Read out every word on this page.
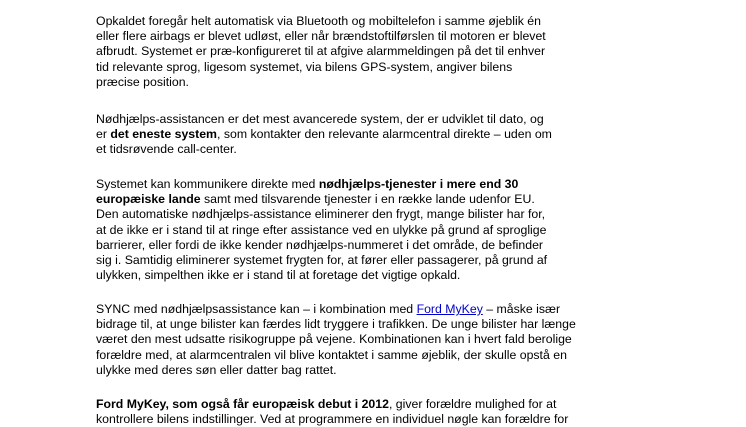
Opkaldet foregår helt automatisk via Bluetooth og mobiltelefon i samme øjeblik én
eller flere airbags er blevet udløst, eller når brændstoftilførslen til motoren er blevet
afbrudt. Systemet er præ-konfigureret til at afgive alarmmeldingen på det til enhver
tid relevante sprog, ligesom systemet, via bilens GPS-system, angiver bilens
præcise position.
Nødhjælps-assistancen er det mest avancerede system, der er udviklet til dato, og
er det eneste system, som kontakter den relevante alarmcentral direkte – uden om
et tidsrøvende call-center.
Systemet kan kommunikere direkte med nødhjælps-tjenester i mere end 30
europæiske lande samt med tilsvarende tjenester i en række lande udenfor EU.
Den automatiske nødhjælps-assistance eliminerer den frygt, mange bilister har for,
at de ikke er i stand til at ringe efter assistance ved en ulykke på grund af sproglige
barrierer, eller fordi de ikke kender nødhjælps-nummeret i det område, de befinder
sig i. Samtidig eliminerer systemet frygten for, at fører eller passagerer, på grund af
ulykken, simpelthen ikke er i stand til at foretage det vigtige opkald.
SYNC med nødhjælpsassistance kan – i kombination med Ford MyKey – måske især
bidrage til, at unge bilister kan færdes lidt tryggere i trafikken. De unge bilister har længe
været den mest udsatte risikogruppe på vejene. Kombinationen kan i hvert fald berolige
forældre med, at alarmcentralen vil blive kontaktet i samme øjeblik, der skulle opstå en
ulykke med deres søn eller datter bag rattet.
Ford MyKey, som også får europæisk debut i 2012, giver forældre mulighed for at
kontrollere bilens indstillinger. Ved at programmere en individuel nøgle kan forældre for
